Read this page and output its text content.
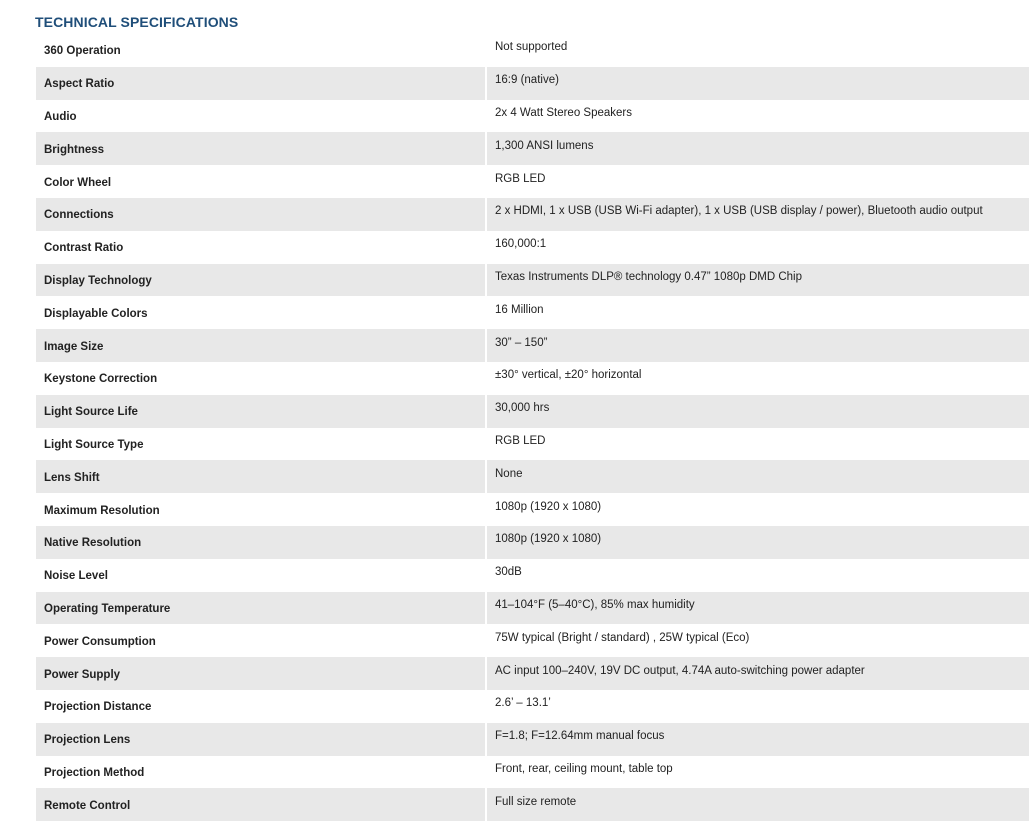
TECHNICAL SPECIFICATIONS
360 Operation	Not supported
Aspect Ratio	16:9 (native)
Audio	2x 4 Watt Stereo Speakers
Brightness	1,300 ANSI lumens
Color Wheel	RGB LED
Connections	2 x HDMI, 1 x USB (USB Wi-Fi adapter), 1 x USB (USB display / power), Bluetooth audio output
Contrast Ratio	160,000:1
Display Technology	Texas Instruments DLP® technology 0.47” 1080p DMD Chip
Displayable Colors	16 Million
Image Size	30” – 150”
Keystone Correction	±30° vertical, ±20° horizontal
Light Source Life	30,000 hrs
Light Source Type	RGB LED
Lens Shift	None
Maximum Resolution	1080p (1920 x 1080)
Native Resolution	1080p (1920 x 1080)
Noise Level	30dB
Operating Temperature	41–104°F (5–40°C), 85% max humidity
Power Consumption	75W typical (Bright / standard) , 25W typical (Eco)
Power Supply	AC input 100–240V, 19V DC output, 4.74A auto-switching power adapter
Projection Distance	2.6’ – 13.1’
Projection Lens	F=1.8; F=12.64mm manual focus
Projection Method	Front, rear, ceiling mount, table top
Remote Control	Full size remote
